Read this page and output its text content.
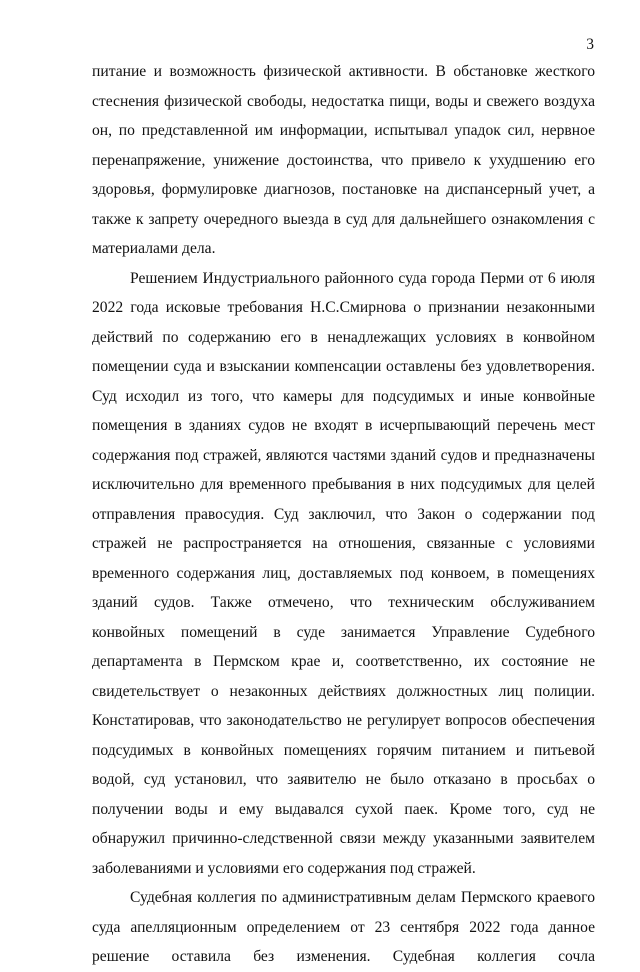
3

питание и возможность физической активности. В обстановке жесткого стеснения физической свободы, недостатка пищи, воды и свежего воздуха он, по представленной им информации, испытывал упадок сил, нервное перенапряжение, унижение достоинства, что привело к ухудшению его здоровья, формулировке диагнозов, постановке на диспансерный учет, а также к запрету очередного выезда в суд для дальнейшего ознакомления с материалами дела.

Решением Индустриального районного суда города Перми от 6 июля 2022 года исковые требования Н.С.Смирнова о признании незаконными действий по содержанию его в ненадлежащих условиях в конвойном помещении суда и взыскании компенсации оставлены без удовлетворения. Суд исходил из того, что камеры для подсудимых и иные конвойные помещения в зданиях судов не входят в исчерпывающий перечень мест содержания под стражей, являются частями зданий судов и предназначены исключительно для временного пребывания в них подсудимых для целей отправления правосудия. Суд заключил, что Закон о содержании под стражей не распространяется на отношения, связанные с условиями временного содержания лиц, доставляемых под конвоем, в помещениях зданий судов. Также отмечено, что техническим обслуживанием конвойных помещений в суде занимается Управление Судебного департамента в Пермском крае и, соответственно, их состояние не свидетельствует о незаконных действиях должностных лиц полиции. Констатировав, что законодательство не регулирует вопросов обеспечения подсудимых в конвойных помещениях горячим питанием и питьевой водой, суд установил, что заявителю не было отказано в просьбах о получении воды и ему выдавался сухой паек. Кроме того, суд не обнаружил причинно-следственной связи между указанными заявителем заболеваниями и условиями его содержания под стражей.

Судебная коллегия по административным делам Пермского краевого суда апелляционным определением от 23 сентября 2022 года данное решение оставила без изменения. Судебная коллегия сочла
